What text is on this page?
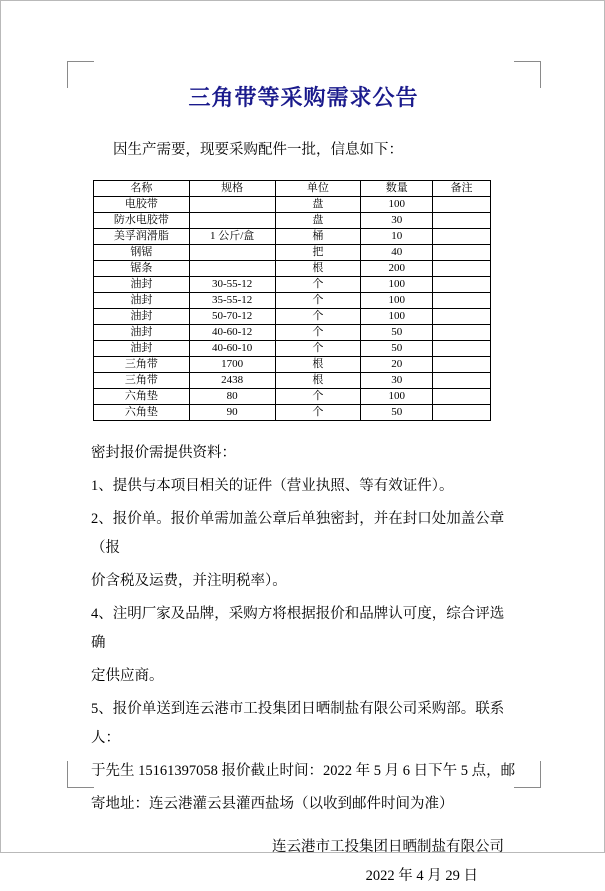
三角带等采购需求公告

因生产需要，现要采购配件一批，信息如下：

名称	规格	单位	数量	备注
电胶带		盘	100	
防水电胶带		盘	30	
美孚润滑脂	1 公斤/盒	桶	10	
钢锯		把	40	
锯条		根	200	
油封	30-55-12	个	100	
油封	35-55-12	个	100	
油封	50-70-12	个	100	
油封	40-60-12	个	50	
油封	40-60-10	个	50	
三角带	1700	根	20	
三角带	2438	根	30	
六角垫	80	个	100	
六角垫	90	个	50	

密封报价需提供资料：

1、提供与本项目相关的证件（营业执照、等有效证件）。

2、报价单。报价单需加盖公章后单独密封，并在封口处加盖公章（报

价含税及运费，并注明税率）。

4、注明厂家及品牌，采购方将根据报价和品牌认可度，综合评选确

定供应商。

5、报价单送到连云港市工投集团日晒制盐有限公司采购部。联系人：

于先生 15161397058 报价截止时间：2022 年 5 月 6 日下午 5 点，邮

寄地址：连云港灌云县灌西盐场（以收到邮件时间为准）

连云港市工投集团日晒制盐有限公司
2022 年 4 月 29 日
